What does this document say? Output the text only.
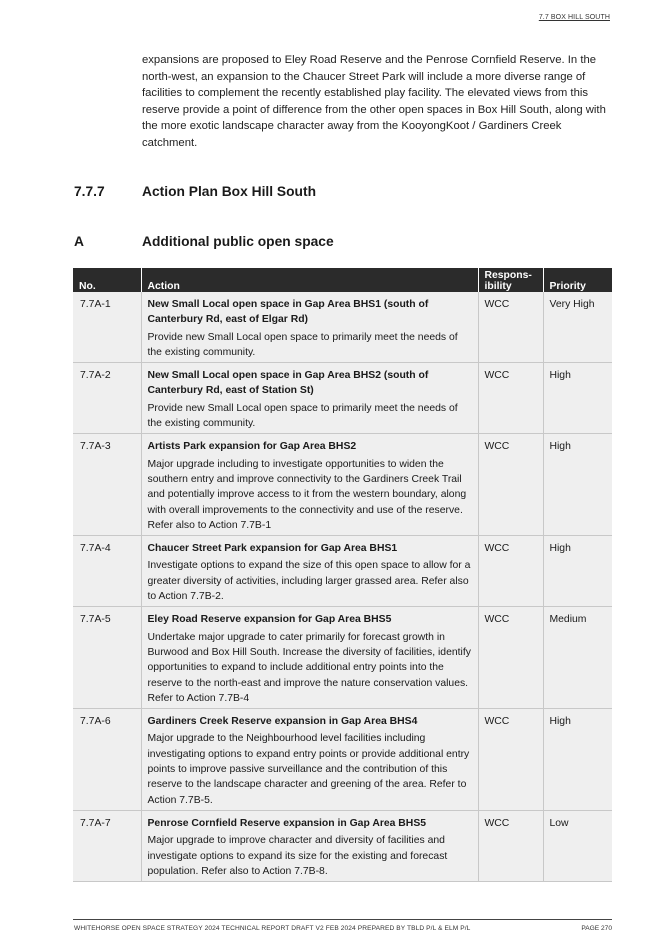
7.7 BOX HILL SOUTH

expansions are proposed to Eley Road Reserve and the Penrose Cornfield Reserve. In the north-west, an expansion to the Chaucer Street Park will include a more diverse range of facilities to complement the recently established play facility. The elevated views from this reserve provide a point of difference from the other open spaces in Box Hill South, along with the more exotic landscape character away from the KooyongKoot / Gardiners Creek catchment.

7.7.7	Action Plan Box Hill South
A	Additional public open space
No.	Action	Respons-ibility	Priority
7.7A-1	New Small Local open space in Gap Area BHS1 (south of Canterbury Rd, east of Elgar Rd)

Provide new Small Local open space to primarily meet the needs of the existing community.	WCC	Very High
7.7A-2	New Small Local open space in Gap Area BHS2 (south of Canterbury Rd, east of Station St)

Provide new Small Local open space to primarily meet the needs of the existing community.	WCC	High
7.7A-3	Artists Park expansion for Gap Area BHS2

Major upgrade including to investigate opportunities to widen the southern entry and improve connectivity to the Gardiners Creek Trail and potentially improve access to it from the western boundary, along with overall improvements to the connectivity and use of the reserve. Refer also to Action 7.7B-1	WCC	High
7.7A-4	Chaucer Street Park expansion for Gap Area BHS1

Investigate options to expand the size of this open space to allow for a greater diversity of activities, including larger grassed area. Refer also to Action 7.7B-2.	WCC	High
7.7A-5	Eley Road Reserve expansion for Gap Area BHS5

Undertake major upgrade to cater primarily for forecast growth in Burwood and Box Hill South. Increase the diversity of facilities, identify opportunities to expand to include additional entry points into the reserve to the north-east and improve the nature conservation values. Refer to Action 7.7B-4	WCC	Medium
7.7A-6	Gardiners Creek Reserve expansion in Gap Area BHS4

Major upgrade to the Neighbourhood level facilities including investigating options to expand entry points or provide additional entry points to improve passive surveillance and the contribution of this reserve to the landscape character and greening of the area. Refer to Action 7.7B-5.	WCC	High
7.7A-7	Penrose Cornfield Reserve expansion in Gap Area BHS5

Major upgrade to improve character and diversity of facilities and investigate options to expand its size for the existing and forecast population. Refer also to Action 7.7B-8.	WCC	Low
WHITEHORSE OPEN SPACE STRATEGY 2024 TECHNICAL REPORT DRAFT V2 FEB 2024 PREPARED BY TBLD P/L & ELM P/L	PAGE 270
